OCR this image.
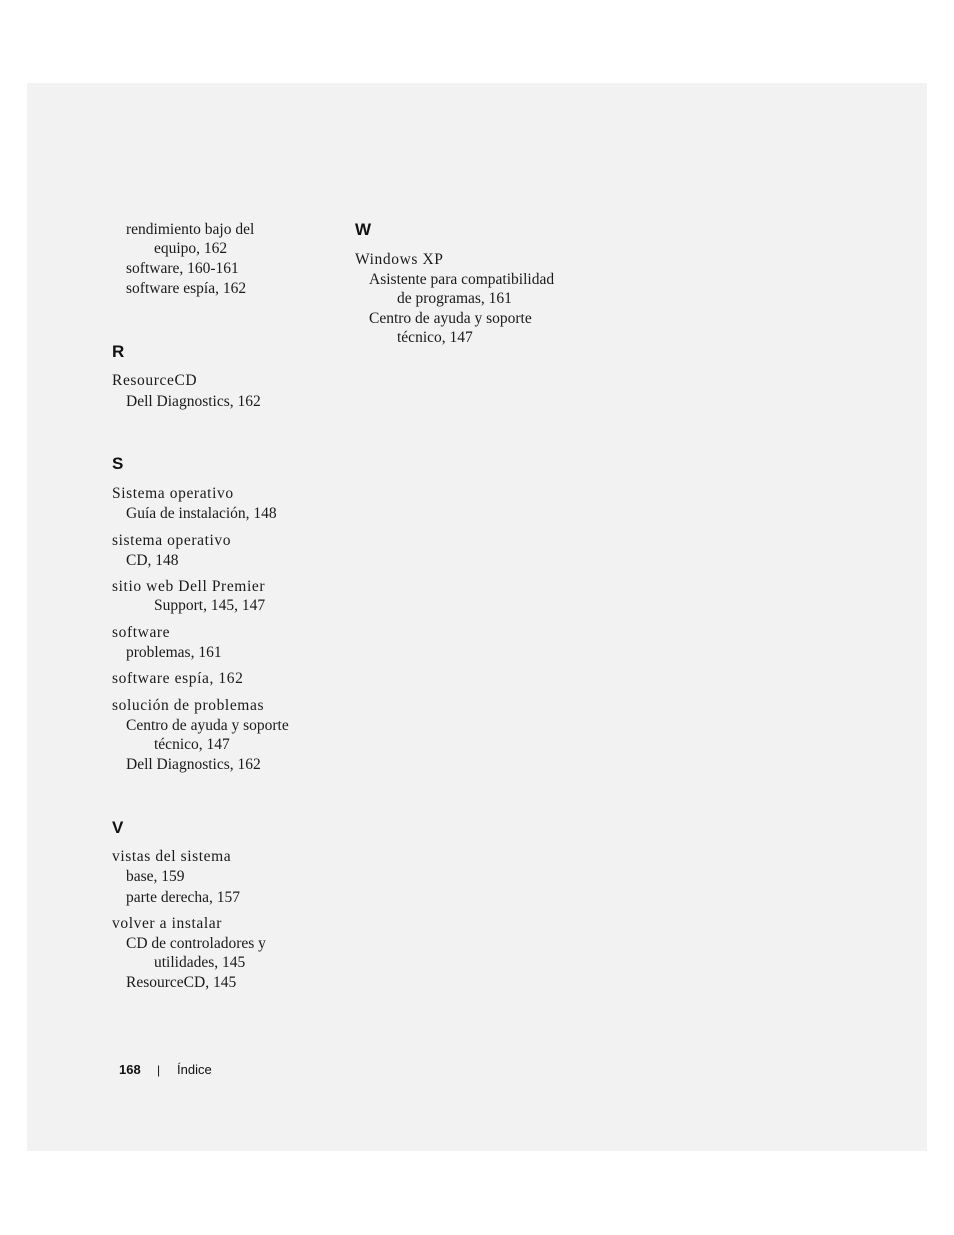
rendimiento bajo del
equipo, 162
software, 160-161
software espía, 162
R
ResourceCD
Dell Diagnostics, 162
S
Sistema operativo
Guía de instalación, 148
sistema operativo
CD, 148
sitio web Dell Premier
Support, 145, 147
software
problemas, 161
software espía, 162
solución de problemas
Centro de ayuda y soporte
técnico, 147
Dell Diagnostics, 162
V
vistas del sistema
base, 159
parte derecha, 157
volver a instalar
CD de controladores y
utilidades, 145
ResourceCD, 145
W
Windows XP
Asistente para compatibilidad
de programas, 161
Centro de ayuda y soporte
técnico, 147
168 | Índice
